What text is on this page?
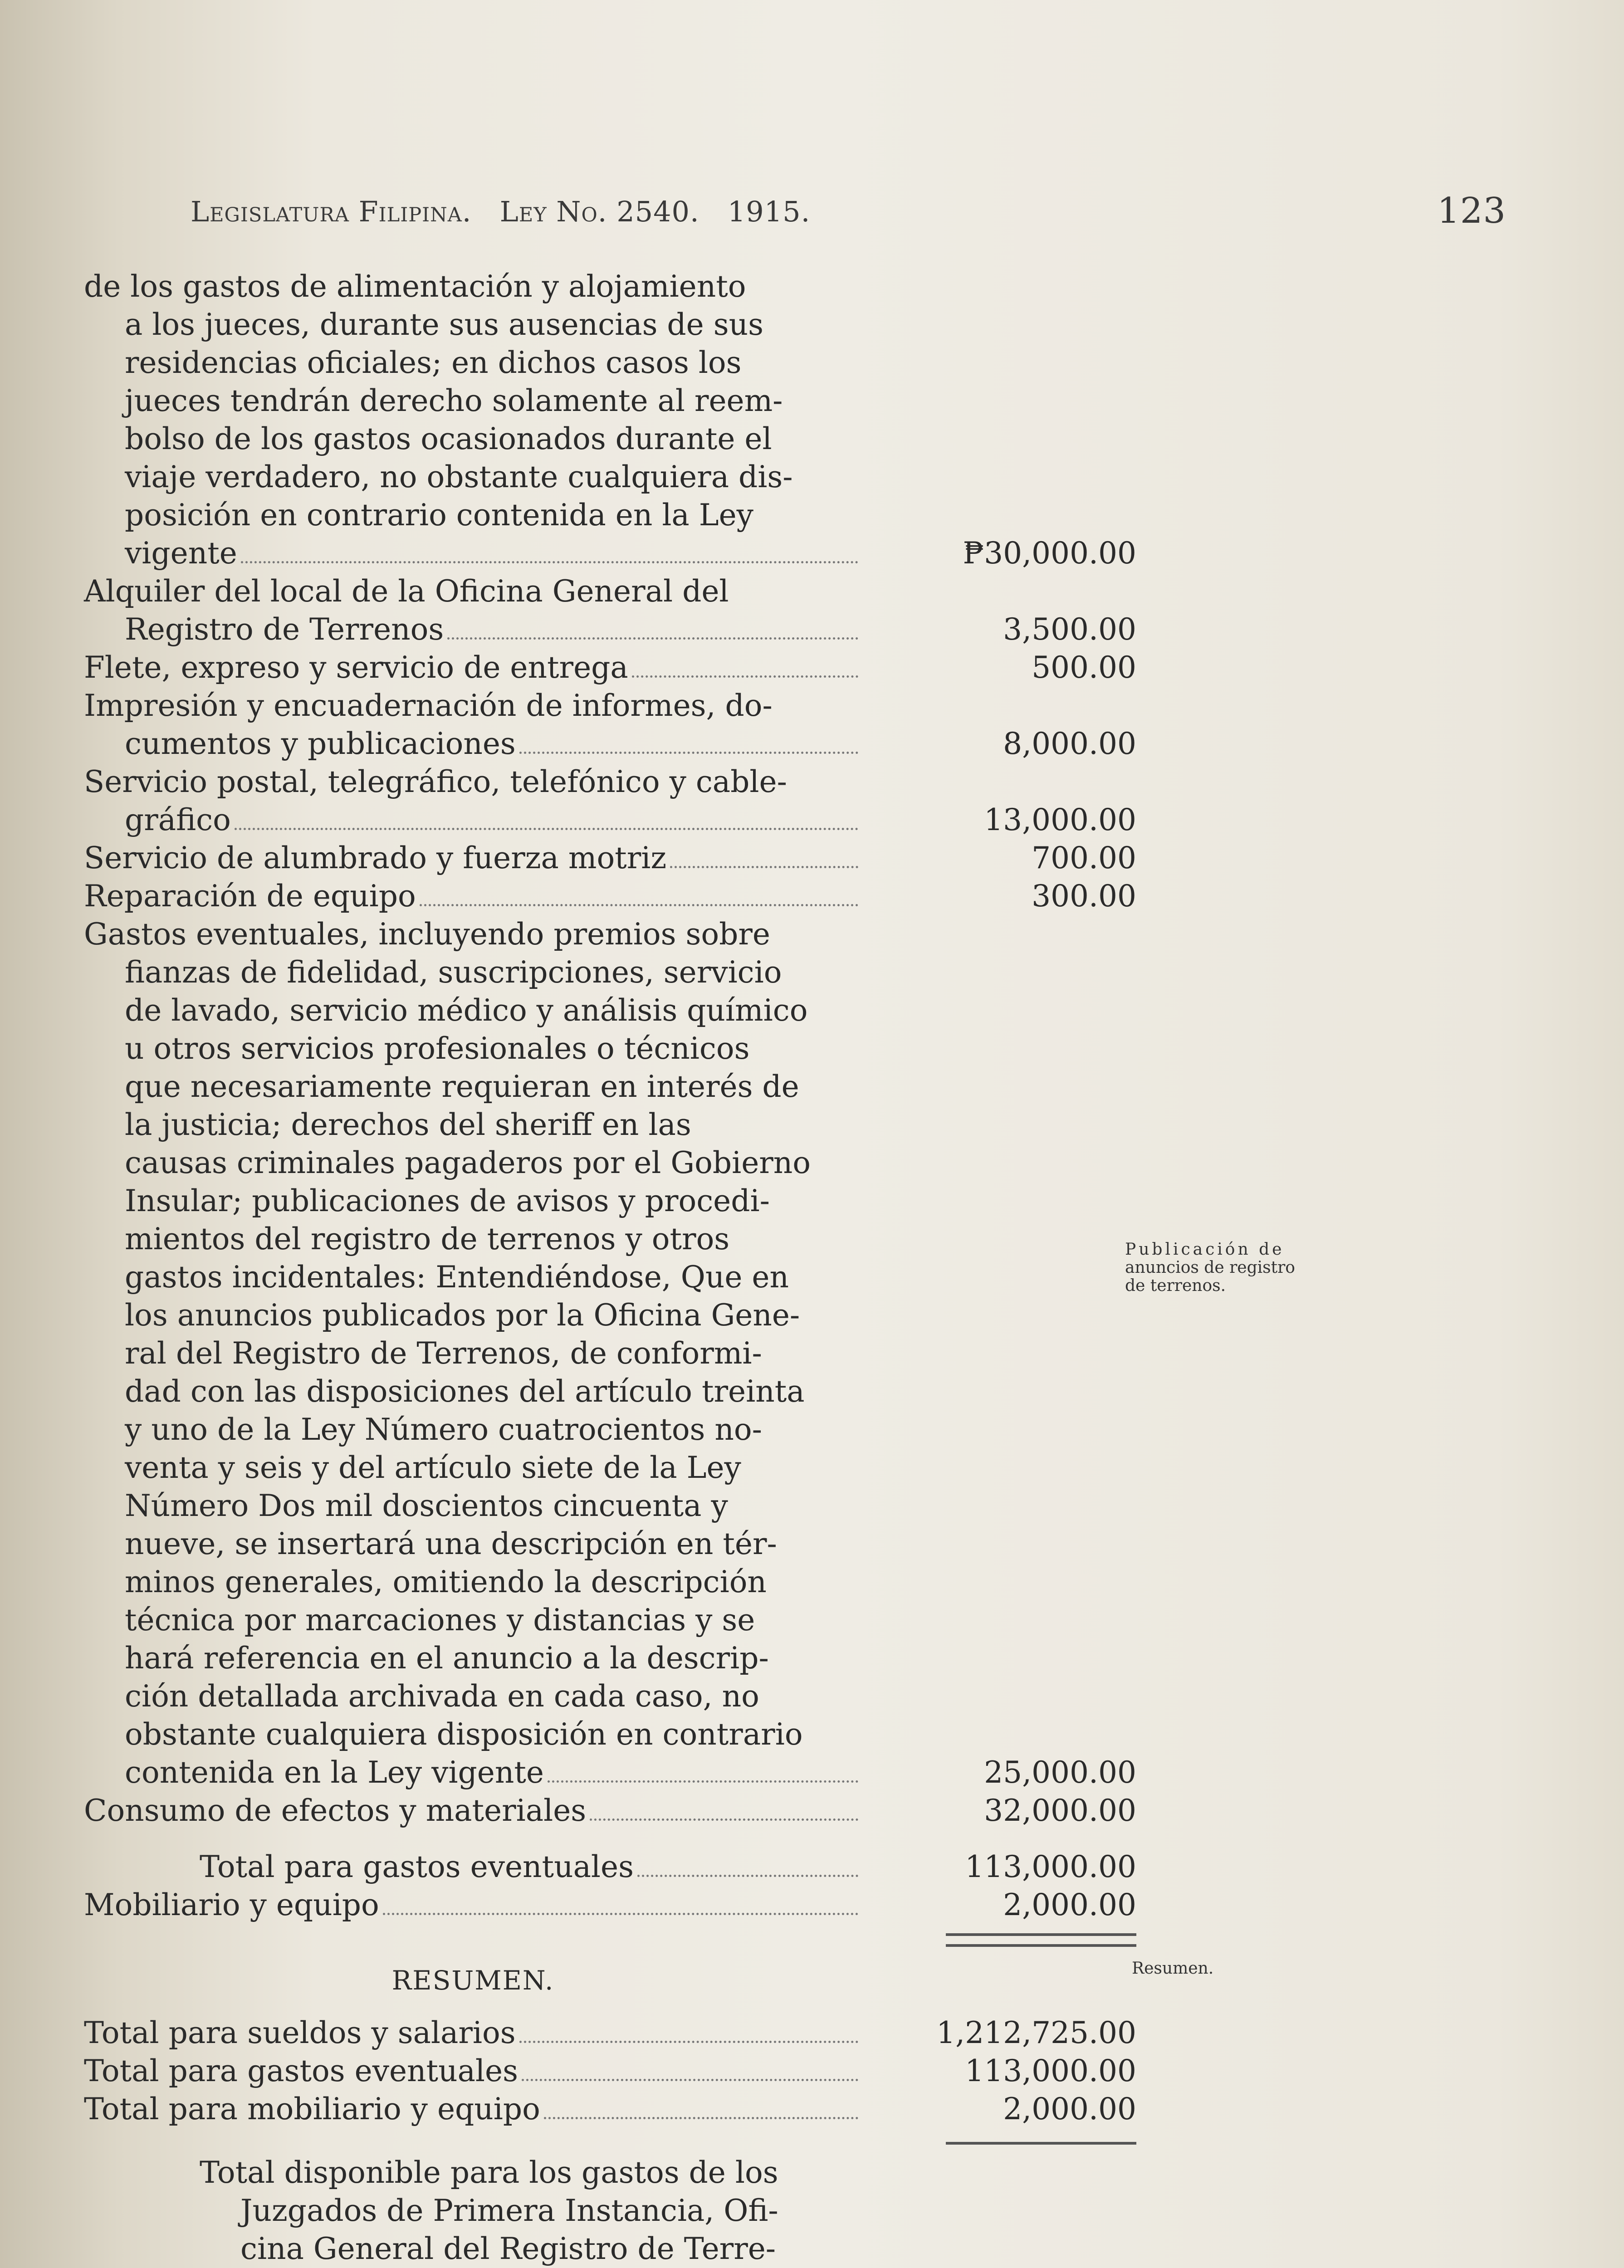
Legislatura Filipina.   Ley No. 2540.   1915.	123
de los gastos de alimentación y alojamiento
a los jueces, durante sus ausencias de sus
residencias oficiales; en dichos casos los
jueces tendrán derecho solamente al reem-
bolso de los gastos ocasionados durante el
viaje verdadero, no obstante cualquiera dis-
posición en contrario contenida en la Ley
vigente	₱30,000.00
Alquiler del local de la Oficina General del
Registro de Terrenos	3,500.00
Flete, expreso y servicio de entrega	500.00
Impresión y encuadernación de informes, do-
cumentos y publicaciones	8,000.00
Servicio postal, telegráfico, telefónico y cable-
gráfico	13,000.00
Servicio de alumbrado y fuerza motriz	700.00
Reparación de equipo	300.00
Gastos eventuales, incluyendo premios sobre
fianzas de fidelidad, suscripciones, servicio
de lavado, servicio médico y análisis químico
u otros servicios profesionales o técnicos
que necesariamente requieran en interés de
la justicia; derechos del sheriff en las
causas criminales pagaderos por el Gobierno
Insular; publicaciones de avisos y procedi-
mientos del registro de terrenos y otros
gastos incidentales: Entendiéndose, Que en
los anuncios publicados por la Oficina Gene-
ral del Registro de Terrenos, de conformi-
dad con las disposiciones del artículo treinta
y uno de la Ley Número cuatrocientos no-
venta y seis y del artículo siete de la Ley
Número Dos mil doscientos cincuenta y
nueve, se insertará una descripción en tér-
minos generales, omitiendo la descripción
técnica por marcaciones y distancias y se
hará referencia en el anuncio a la descrip-
ción detallada archivada en cada caso, no
obstante cualquiera disposición en contrario
contenida en la Ley vigente	25,000.00
Consumo de efectos y materiales	32,000.00
Total para gastos eventuales	113,000.00
Mobiliario y equipo	2,000.00
RESUMEN.
Total para sueldos y salarios	1,212,725.00
Total para gastos eventuales	113,000.00
Total para mobiliario y equipo	2,000.00
Total disponible para los gastos de los
Juzgados de Primera Instancia, Ofi-
cina General del Registro de Terre-
Publicación de
anuncios de registro
de terrenos.
Resumen.
